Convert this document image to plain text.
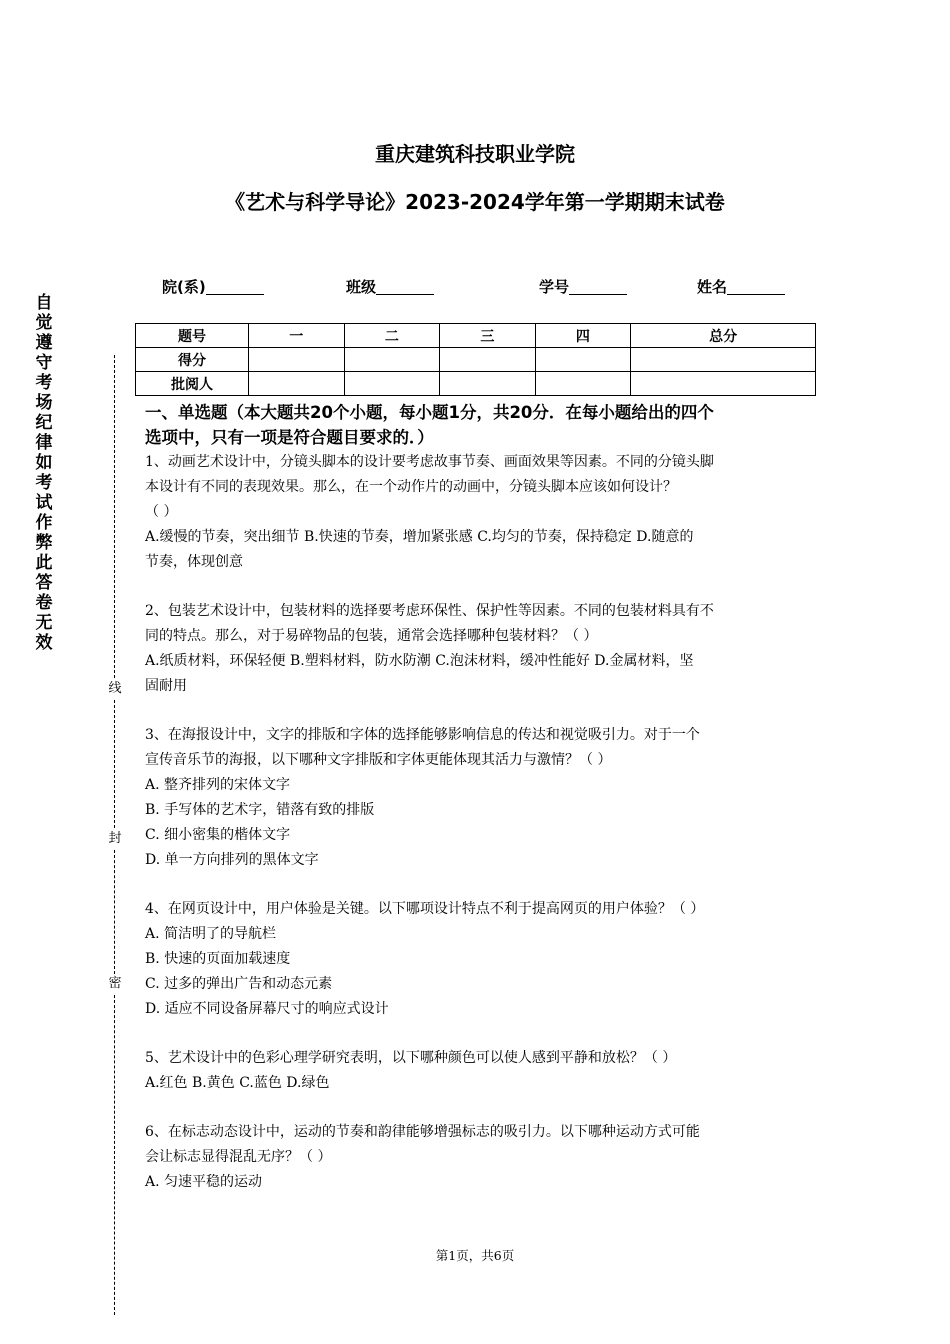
自觉遵守考场纪律如考试作弊此答卷无效
线
封
密
重庆建筑科技职业学院
《艺术与科学导论》2023-2024学年第一学期期末试卷
院(系)	班级	学号	姓名
题号	一	二	三	四	总分
得分					
批阅人					

一、单选题（本大题共20个小题，每小题1分，共20分．在每小题给出的四个

选项中，只有一项是符合题目要求的．）

1、动画艺术设计中，分镜头脚本的设计要考虑故事节奏、画面效果等因素。不同的分镜头脚

本设计有不同的表现效果。那么，在一个动作片的动画中，分镜头脚本应该如何设计？

（ ）

A.缓慢的节奏，突出细节 B.快速的节奏，增加紧张感 C.均匀的节奏，保持稳定 D.随意的

节奏，体现创意

2、包装艺术设计中，包装材料的选择要考虑环保性、保护性等因素。不同的包装材料具有不

同的特点。那么，对于易碎物品的包装，通常会选择哪种包装材料？（ ）

A.纸质材料，环保轻便 B.塑料材料，防水防潮 C.泡沫材料，缓冲性能好 D.金属材料，坚

固耐用

3、在海报设计中，文字的排版和字体的选择能够影响信息的传达和视觉吸引力。对于一个

宣传音乐节的海报，以下哪种文字排版和字体更能体现其活力与激情？（ ）

A. 整齐排列的宋体文字

B. 手写体的艺术字，错落有致的排版

C. 细小密集的楷体文字

D. 单一方向排列的黑体文字

4、在网页设计中，用户体验是关键。以下哪项设计特点不利于提高网页的用户体验？（ ）

A. 简洁明了的导航栏

B. 快速的页面加载速度

C. 过多的弹出广告和动态元素

D. 适应不同设备屏幕尺寸的响应式设计

5、艺术设计中的色彩心理学研究表明，以下哪种颜色可以使人感到平静和放松？（ ）

A.红色 B.黄色 C.蓝色 D.绿色

6、在标志动态设计中，运动的节奏和韵律能够增强标志的吸引力。以下哪种运动方式可能

会让标志显得混乱无序？（ ）

A. 匀速平稳的运动

第1页，共6页
